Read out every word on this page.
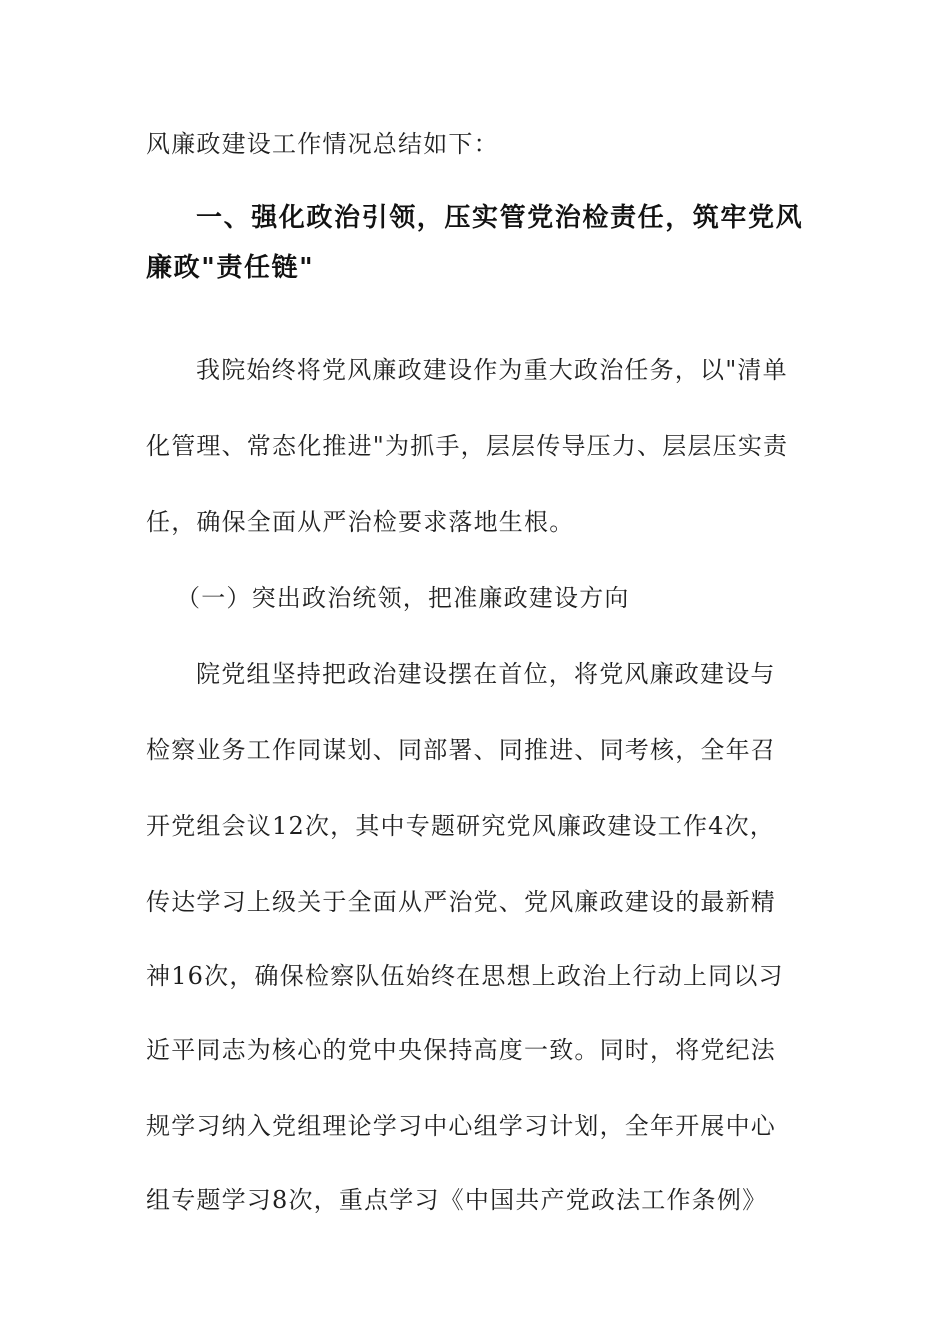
风廉政建设工作情况总结如下：
一、强化政治引领，压实管党治检责任，筑牢党风
廉政"责任链"
我院始终将党风廉政建设作为重大政治任务，以"清单
化管理、常态化推进"为抓手，层层传导压力、层层压实责
任，确保全面从严治检要求落地生根。
（一）突出政治统领，把准廉政建设方向
院党组坚持把政治建设摆在首位，将党风廉政建设与
检察业务工作同谋划、同部署、同推进、同考核，全年召
开党组会议12次，其中专题研究党风廉政建设工作4次，
传达学习上级关于全面从严治党、党风廉政建设的最新精
神16次，确保检察队伍始终在思想上政治上行动上同以习
近平同志为核心的党中央保持高度一致。同时，将党纪法
规学习纳入党组理论学习中心组学习计划，全年开展中心
组专题学习8次，重点学习《中国共产党政法工作条例》
